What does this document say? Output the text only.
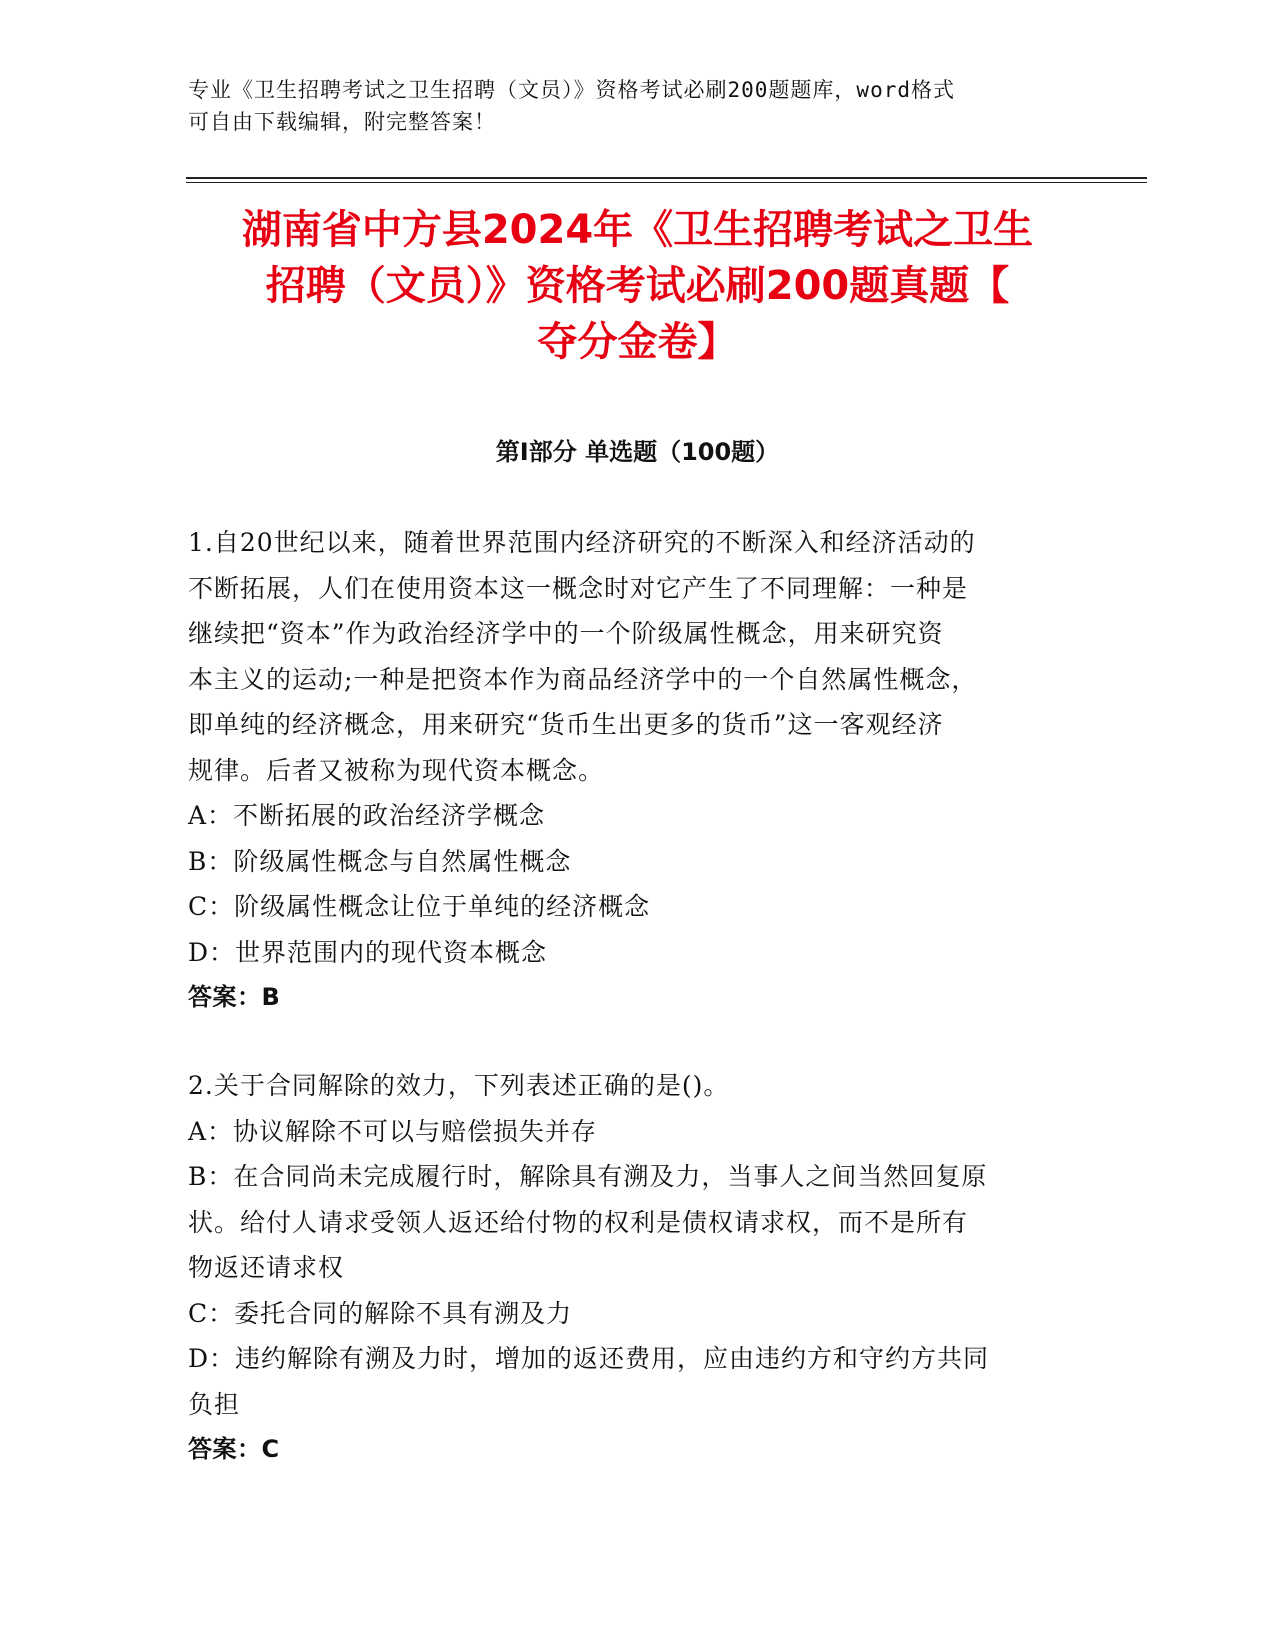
专业《卫生招聘考试之卫生招聘（文员）》资格考试必刷200题题库，word格式
可自由下载编辑，附完整答案！
湖南省中方县2024年《卫生招聘考试之卫生
招聘（文员）》资格考试必刷200题真题【
夺分金卷】
第Ⅰ部分 单选题（100题）
1.自20世纪以来，随着世界范围内经济研究的不断深入和经济活动的
不断拓展，人们在使用资本这一概念时对它产生了不同理解：一种是
继续把“资本”作为政治经济学中的一个阶级属性概念，用来研究资
本主义的运动;一种是把资本作为商品经济学中的一个自然属性概念，
即单纯的经济概念，用来研究“货币生出更多的货币”这一客观经济
规律。后者又被称为现代资本概念。
A：不断拓展的政治经济学概念
B：阶级属性概念与自然属性概念
C：阶级属性概念让位于单纯的经济概念
D：世界范围内的现代资本概念
答案：B
2.关于合同解除的效力，下列表述正确的是()。
A：协议解除不可以与赔偿损失并存
B：在合同尚未完成履行时，解除具有溯及力，当事人之间当然回复原
状。给付人请求受领人返还给付物的权利是债权请求权，而不是所有
物返还请求权
C：委托合同的解除不具有溯及力
D：违约解除有溯及力时，增加的返还费用，应由违约方和守约方共同
负担
答案：C
